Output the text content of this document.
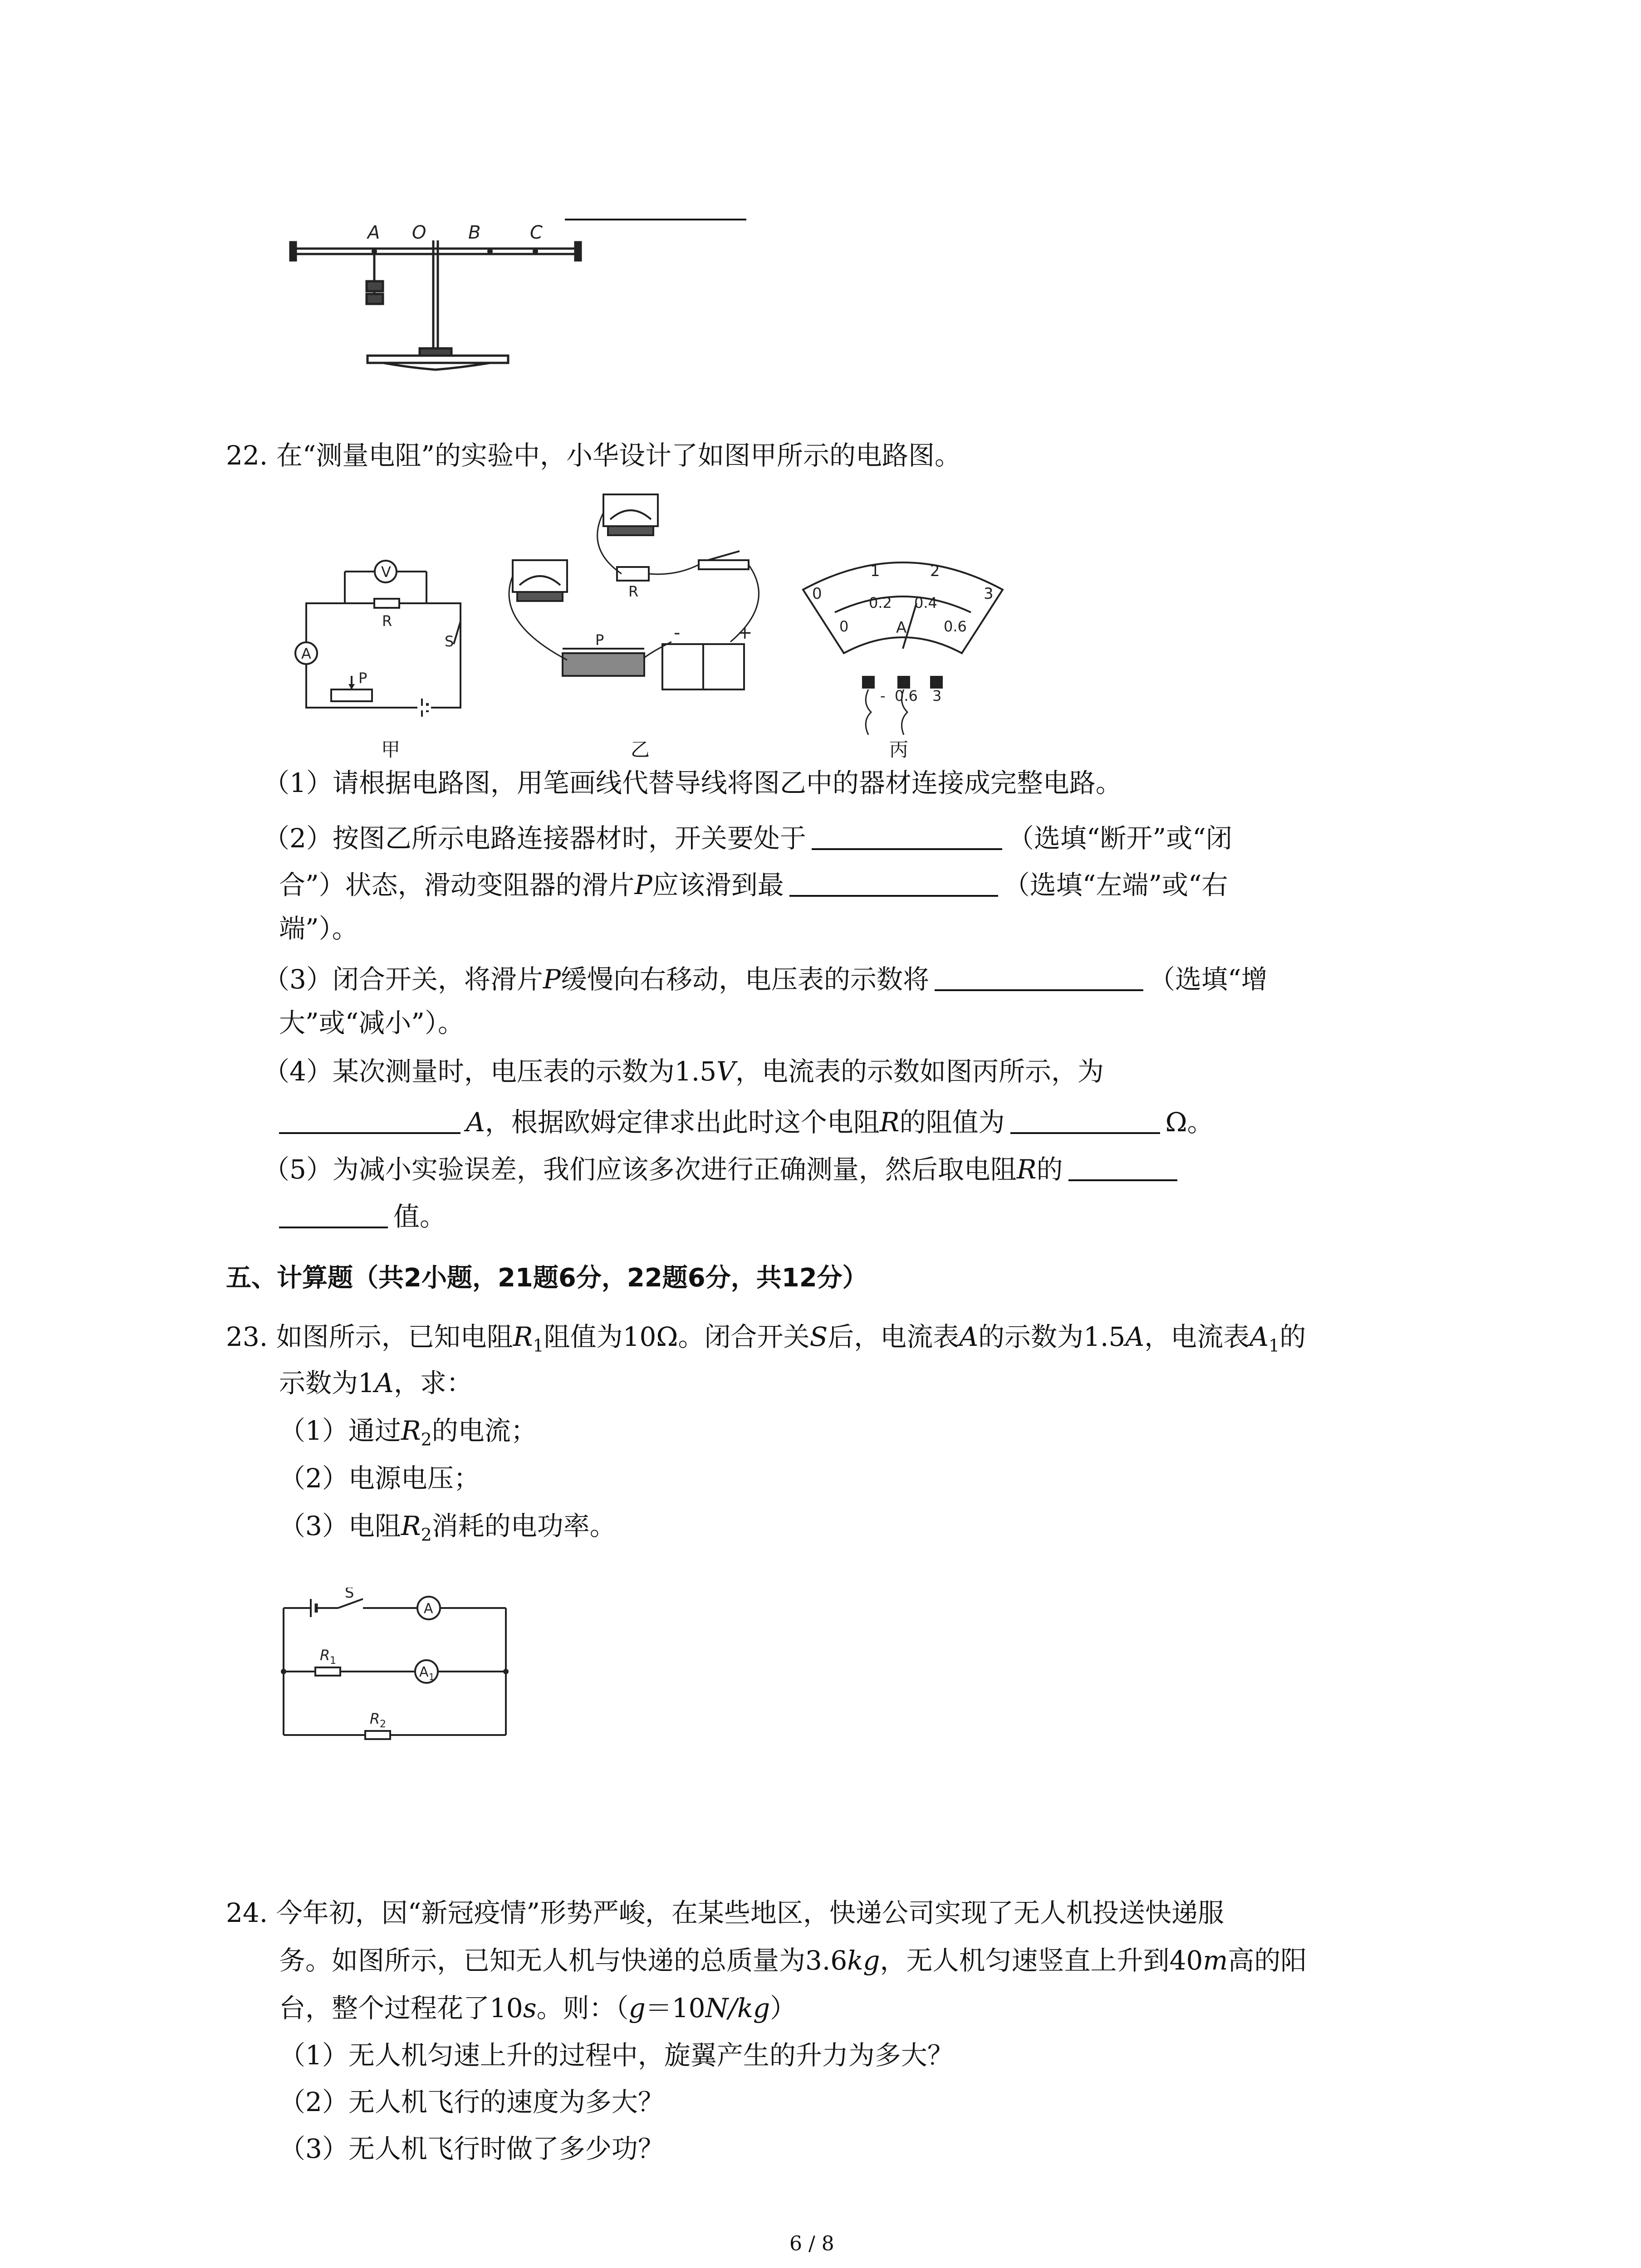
A O B	C
22. 在“测量电阻”的实验中，小华设计了如图甲所示的电路图。
V
R
A
S
P
甲
R
P	-	+
乙
0
1	2
3
0
0.2 0.4
0.6
A
- 0.6 3
丙
（1）请根据电路图，用笔画线代替导线将图乙中的器材连接成完整电路。
（2）按图乙所示电路连接器材时，开关要处于	（选填“断开”或“闭
合”）状态，滑动变阻器的滑片P应该滑到最	（选填“左端”或“右
端”）。
（3）闭合开关，将滑片P缓慢向右移动，电压表的示数将	（选填“增
大”或“减小”）。
（4）某次测量时，电压表的示数为1.5V，电流表的示数如图丙所示，为
A，根据欧姆定律求出此时这个电阻R的阻值为	Ω。
（5）为减小实验误差，我们应该多次进行正确测量，然后取电阻R的
值。
五、计算题（共2小题，21题6分，22题6分，共12分）
23. 如图所示，已知电阻$R_1$阻值为10Ω。闭合开关S后，电流表A的示数为1.5A，电流表$A_1$的
示数为1A，求：
（1）通过$R_2$的电流；
（2）电源电压；
（3）电阻$R_2$消耗的电功率。
S
A
R 1
A 1
R 2
24. 今年初，因“新冠疫情”形势严峻，在某些地区，快递公司实现了无人机投送快递服
务。如图所示，已知无人机与快递的总质量为3.6kg，无人机匀速竖直上升到40m高的阳
台，整个过程花了10s。则：（g＝10N/kg）
（1）无人机匀速上升的过程中，旋翼产生的升力为多大？
（2）无人机飞行的速度为多大？
（3）无人机飞行时做了多少功？
6 / 8
